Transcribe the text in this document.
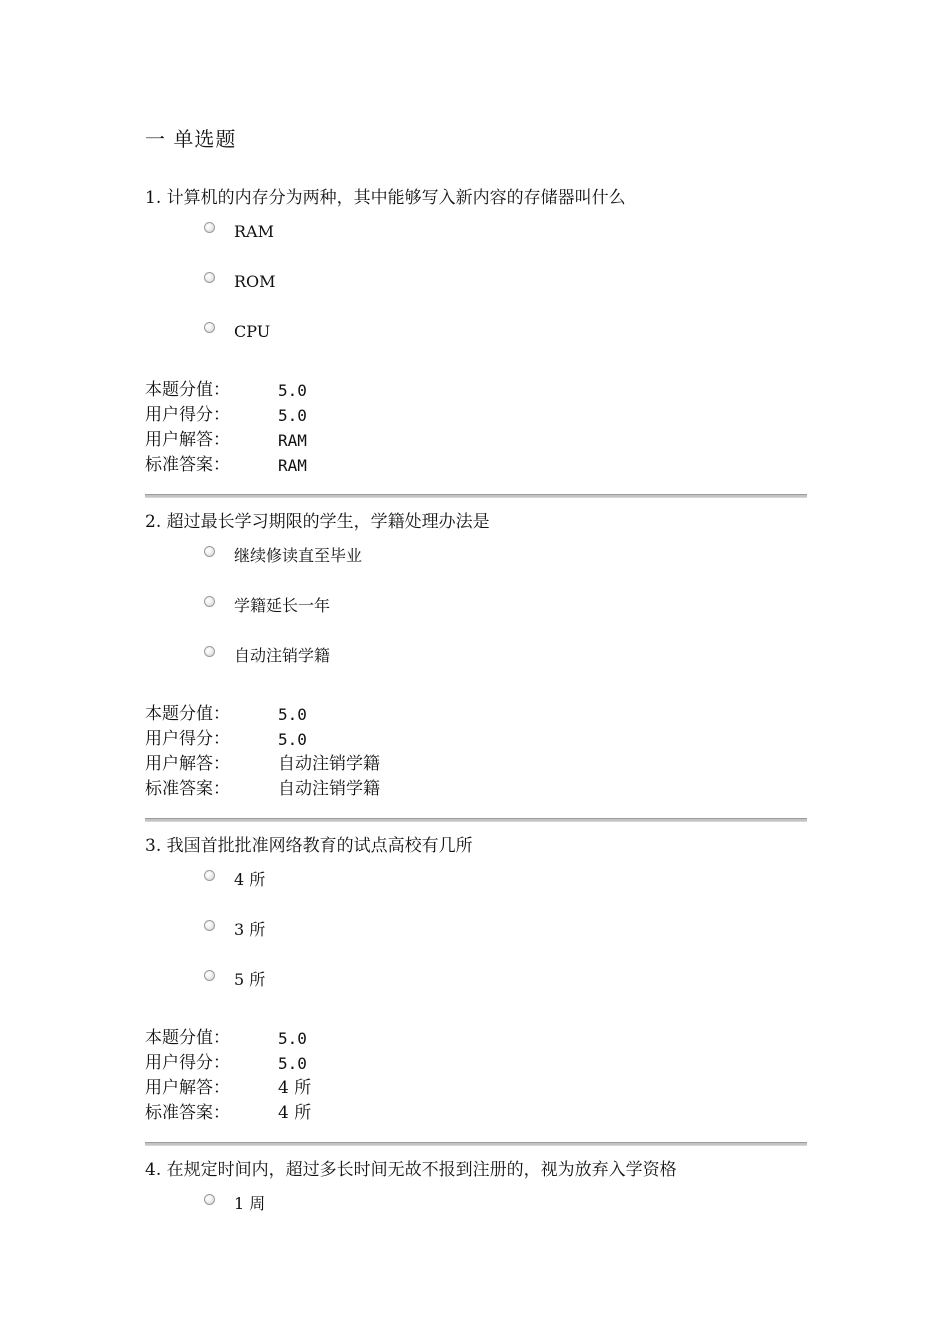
一 单选题
1. 计算机的内存分为两种，其中能够写入新内容的存储器叫什么
RAM
ROM
CPU
本题分值：	5.0
用户得分：	5.0
用户解答：	RAM
标准答案：	RAM
2. 超过最长学习期限的学生，学籍处理办法是
继续修读直至毕业
学籍延长一年
自动注销学籍
本题分值：	5.0
用户得分：	5.0
用户解答：	自动注销学籍
标准答案：	自动注销学籍
3. 我国首批批准网络教育的试点高校有几所
4 所
3 所
5 所
本题分值：	5.0
用户得分：	5.0
用户解答：	4 所
标准答案：	4 所
4. 在规定时间内，超过多长时间无故不报到注册的，视为放弃入学资格
1 周
